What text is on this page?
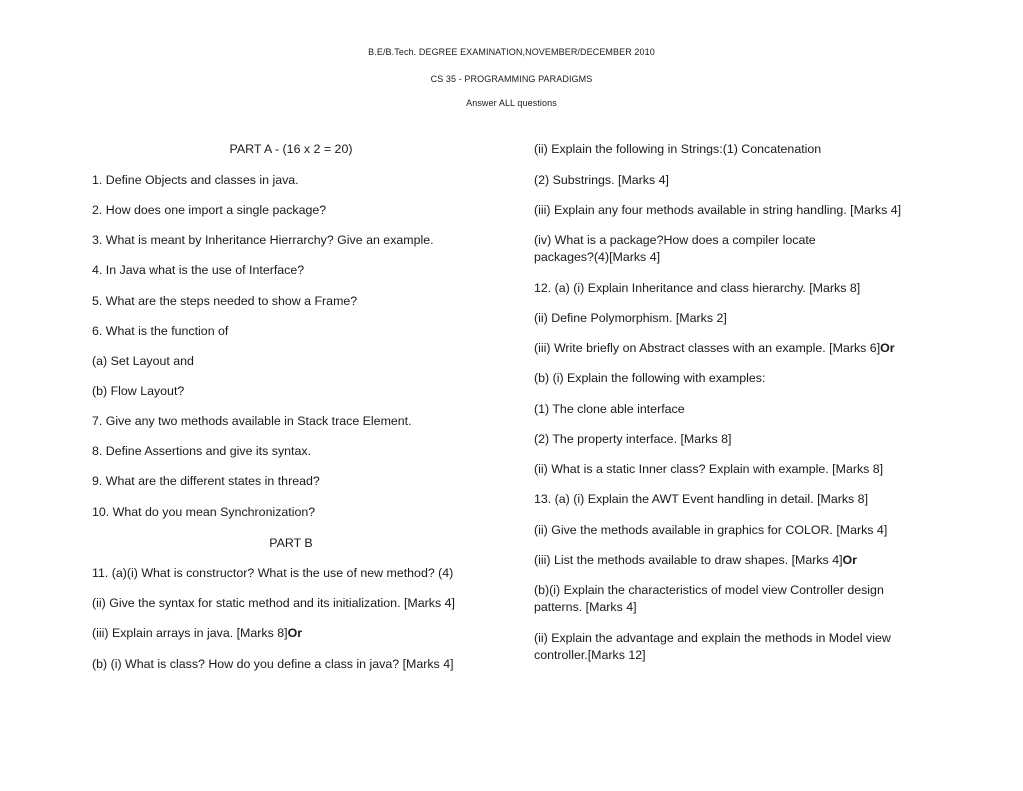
B.E/B.Tech. DEGREE EXAMINATION,NOVEMBER/DECEMBER 2010
CS 35 - PROGRAMMING PARADIGMS
Answer ALL questions
PART A - (16 x 2 = 20)
1. Define Objects and classes in java.
2. How does one import a single package?
3. What is meant by Inheritance Hierrarchy? Give an example.
4. In Java what is the use of Interface?
5. What are the steps needed to show a Frame?
6. What is the function of
(a) Set Layout and
(b) Flow Layout?
7. Give any two methods available in Stack trace Element.
8. Define Assertions and give its syntax.
9. What are the different states in thread?
10. What do you mean Synchronization?
PART B
11. (a)(i) What is constructor? What is the use of new method? (4)
(ii) Give the syntax for static method and its initialization. [Marks 4]
(iii) Explain arrays in java. [Marks 8]Or
(b) (i) What is class? How do you define a class in java? [Marks 4]
(ii) Explain the following in Strings:(1) Concatenation
(2) Substrings. [Marks 4]
(iii) Explain any four methods available in string handling. [Marks 4]
(iv) What is a package?How does a compiler locate
packages?(4)[Marks 4]
12. (a) (i) Explain Inheritance and class hierarchy. [Marks 8]
(ii) Define Polymorphism. [Marks 2]
(iii) Write briefly on Abstract classes with an example. [Marks 6]Or
(b) (i) Explain the following with examples:
(1) The clone able interface
(2) The property interface. [Marks 8]
(ii) What is a static Inner class? Explain with example. [Marks 8]
13. (a) (i) Explain the AWT Event handling in detail. [Marks 8]
(ii) Give the methods available in graphics for COLOR. [Marks 4]
(iii) List the methods available to draw shapes. [Marks 4]Or
(b)(i) Explain the characteristics of model view Controller design
patterns. [Marks 4]
(ii) Explain the advantage and explain the methods in Model view
controller.[Marks 12]
